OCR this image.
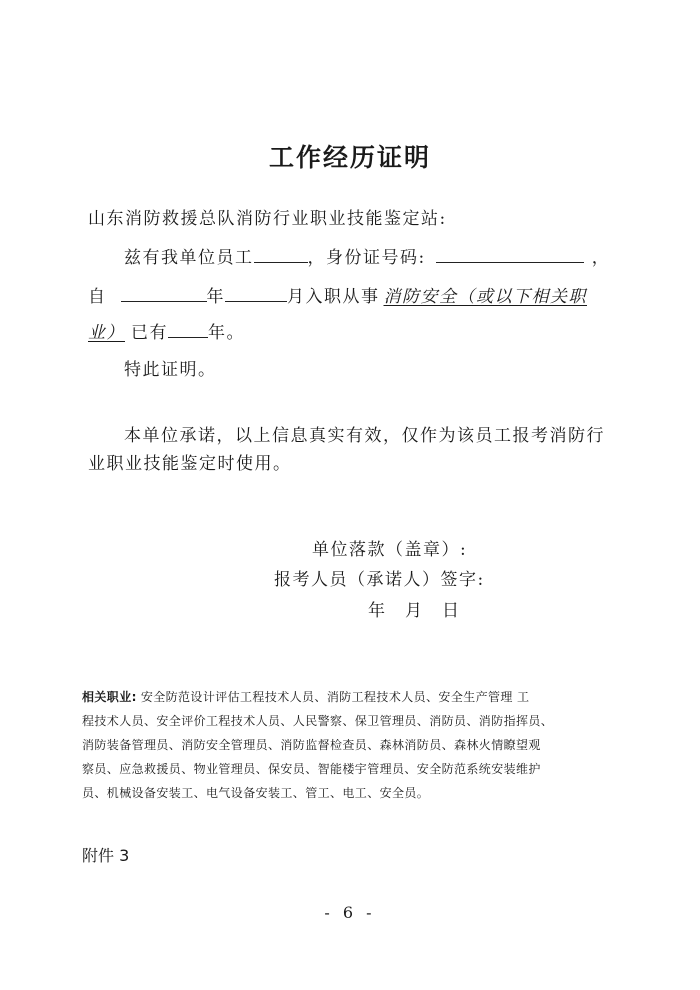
工作经历证明
山东消防救援总队消防行业职业技能鉴定站:
兹有我单位员工	，身份证号码:	，
自	年	月入职从事 消防安全（或以下相关职
业） 已有 年。
特此证明。
本单位承诺，以上信息真实有效，仅作为该员工报考消防行
业职业技能鉴定时使用。
单位落款（盖章）:
报考人员（承诺人）签字:
年　月　日
相关职业: 安全防范设计评估工程技术人员、消防工程技术人员、安全生产管理 工
程技术人员、安全评价工程技术人员、人民警察、保卫管理员、消防员、消防指挥员、
消防装备管理员、消防安全管理员、消防监督检查员、森林消防员、森林火情瞭望观
察员、应急救援员、物业管理员、保安员、智能楼宇管理员、安全防范系统安装维护
员、机械设备安装工、电气设备安装工、管工、电工、安全员。
附件 3
- 6 -
